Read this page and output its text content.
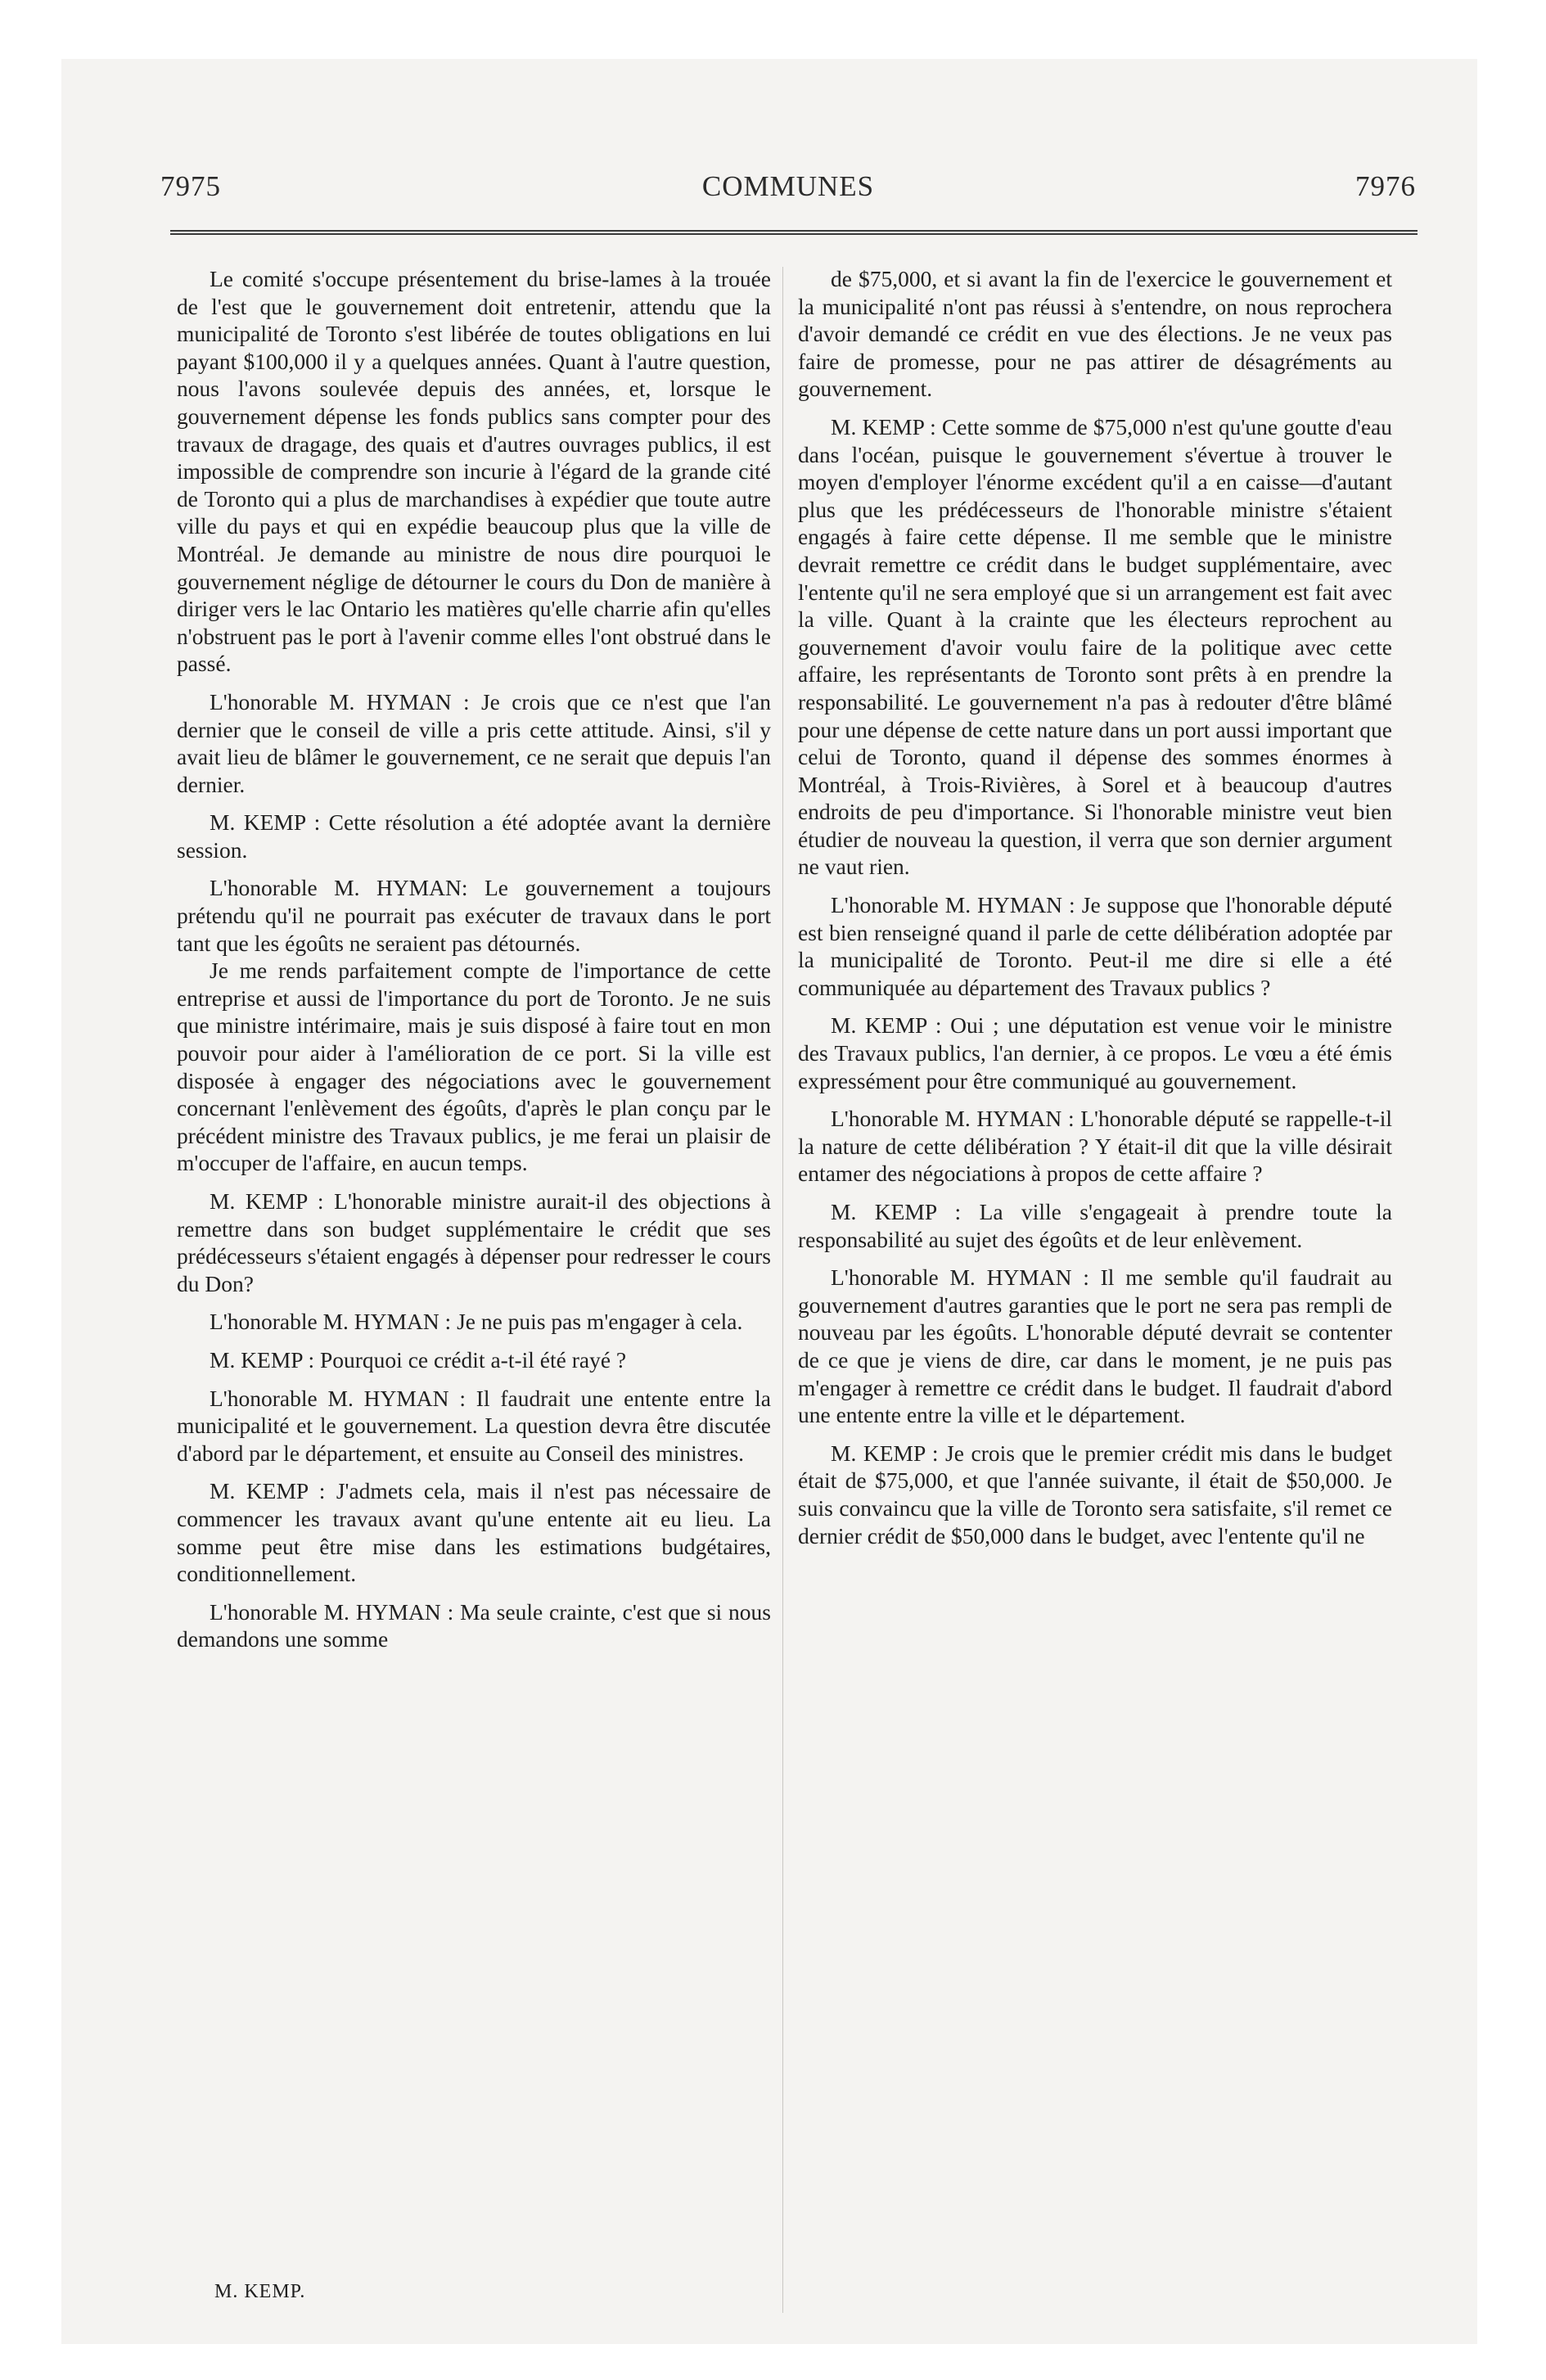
7975	COMMUNES	7976

Le comité s'occupe présentement du brise-lames à la trouée de l'est que le gouvernement doit entretenir, attendu que la municipalité de Toronto s'est libérée de toutes obligations en lui payant $100,000 il y a quelques années. Quant à l'autre question, nous l'avons soulevée depuis des années, et, lorsque le gouvernement dépense les fonds publics sans compter pour des travaux de dragage, des quais et d'autres ouvrages publics, il est impossible de comprendre son incurie à l'égard de la grande cité de Toronto qui a plus de marchandises à expédier que toute autre ville du pays et qui en expédie beaucoup plus que la ville de Montréal. Je demande au ministre de nous dire pourquoi le gouvernement néglige de détourner le cours du Don de manière à diriger vers le lac Ontario les matières qu'elle charrie afin qu'elles n'obstruent pas le port à l'avenir comme elles l'ont obstrué dans le passé.

L'honorable M. HYMAN : Je crois que ce n'est que l'an dernier que le conseil de ville a pris cette attitude. Ainsi, s'il y avait lieu de blâmer le gouvernement, ce ne serait que depuis l'an dernier.

M. KEMP : Cette résolution a été adoptée avant la dernière session.

L'honorable M. HYMAN: Le gouvernement a toujours prétendu qu'il ne pourrait pas exécuter de travaux dans le port tant que les égoûts ne seraient pas détournés.

Je me rends parfaitement compte de l'importance de cette entreprise et aussi de l'importance du port de Toronto. Je ne suis que ministre intérimaire, mais je suis disposé à faire tout en mon pouvoir pour aider à l'amélioration de ce port. Si la ville est disposée à engager des négociations avec le gouvernement concernant l'enlèvement des égoûts, d'après le plan conçu par le précédent ministre des Travaux publics, je me ferai un plaisir de m'occuper de l'affaire, en aucun temps.

M. KEMP : L'honorable ministre aurait-il des objections à remettre dans son budget supplémentaire le crédit que ses prédécesseurs s'étaient engagés à dépenser pour redresser le cours du Don?

L'honorable M. HYMAN : Je ne puis pas m'engager à cela.

M. KEMP : Pourquoi ce crédit a-t-il été rayé ?

L'honorable M. HYMAN : Il faudrait une entente entre la municipalité et le gouvernement. La question devra être discutée d'abord par le département, et ensuite au Conseil des ministres.

M. KEMP : J'admets cela, mais il n'est pas nécessaire de commencer les travaux avant qu'une entente ait eu lieu. La somme peut être mise dans les estimations budgétaires, conditionnellement.

L'honorable M. HYMAN : Ma seule crainte, c'est que si nous demandons une somme

de $75,000, et si avant la fin de l'exercice le gouvernement et la municipalité n'ont pas réussi à s'entendre, on nous reprochera d'avoir demandé ce crédit en vue des élections. Je ne veux pas faire de promesse, pour ne pas attirer de désagréments au gouvernement.

M. KEMP : Cette somme de $75,000 n'est qu'une goutte d'eau dans l'océan, puisque le gouvernement s'évertue à trouver le moyen d'employer l'énorme excédent qu'il a en caisse—d'autant plus que les prédécesseurs de l'honorable ministre s'étaient engagés à faire cette dépense. Il me semble que le ministre devrait remettre ce crédit dans le budget supplémentaire, avec l'entente qu'il ne sera employé que si un arrangement est fait avec la ville. Quant à la crainte que les électeurs reprochent au gouvernement d'avoir voulu faire de la politique avec cette affaire, les représentants de Toronto sont prêts à en prendre la responsabilité. Le gouvernement n'a pas à redouter d'être blâmé pour une dépense de cette nature dans un port aussi important que celui de Toronto, quand il dépense des sommes énormes à Montréal, à Trois-Rivières, à Sorel et à beaucoup d'autres endroits de peu d'importance. Si l'honorable ministre veut bien étudier de nouveau la question, il verra que son dernier argument ne vaut rien.

L'honorable M. HYMAN : Je suppose que l'honorable député est bien renseigné quand il parle de cette délibération adoptée par la municipalité de Toronto. Peut-il me dire si elle a été communiquée au département des Travaux publics ?

M. KEMP : Oui ; une députation est venue voir le ministre des Travaux publics, l'an dernier, à ce propos. Le vœu a été émis expressément pour être communiqué au gouvernement.

L'honorable M. HYMAN : L'honorable député se rappelle-t-il la nature de cette délibération ? Y était-il dit que la ville désirait entamer des négociations à propos de cette affaire ?

M. KEMP : La ville s'engageait à prendre toute la responsabilité au sujet des égoûts et de leur enlèvement.

L'honorable M. HYMAN : Il me semble qu'il faudrait au gouvernement d'autres garanties que le port ne sera pas rempli de nouveau par les égoûts. L'honorable député devrait se contenter de ce que je viens de dire, car dans le moment, je ne puis pas m'engager à remettre ce crédit dans le budget. Il faudrait d'abord une entente entre la ville et le département.

M. KEMP : Je crois que le premier crédit mis dans le budget était de $75,000, et que l'année suivante, il était de $50,000. Je suis convaincu que la ville de Toronto sera satisfaite, s'il remet ce dernier crédit de $50,000 dans le budget, avec l'entente qu'il ne

M. KEMP.
